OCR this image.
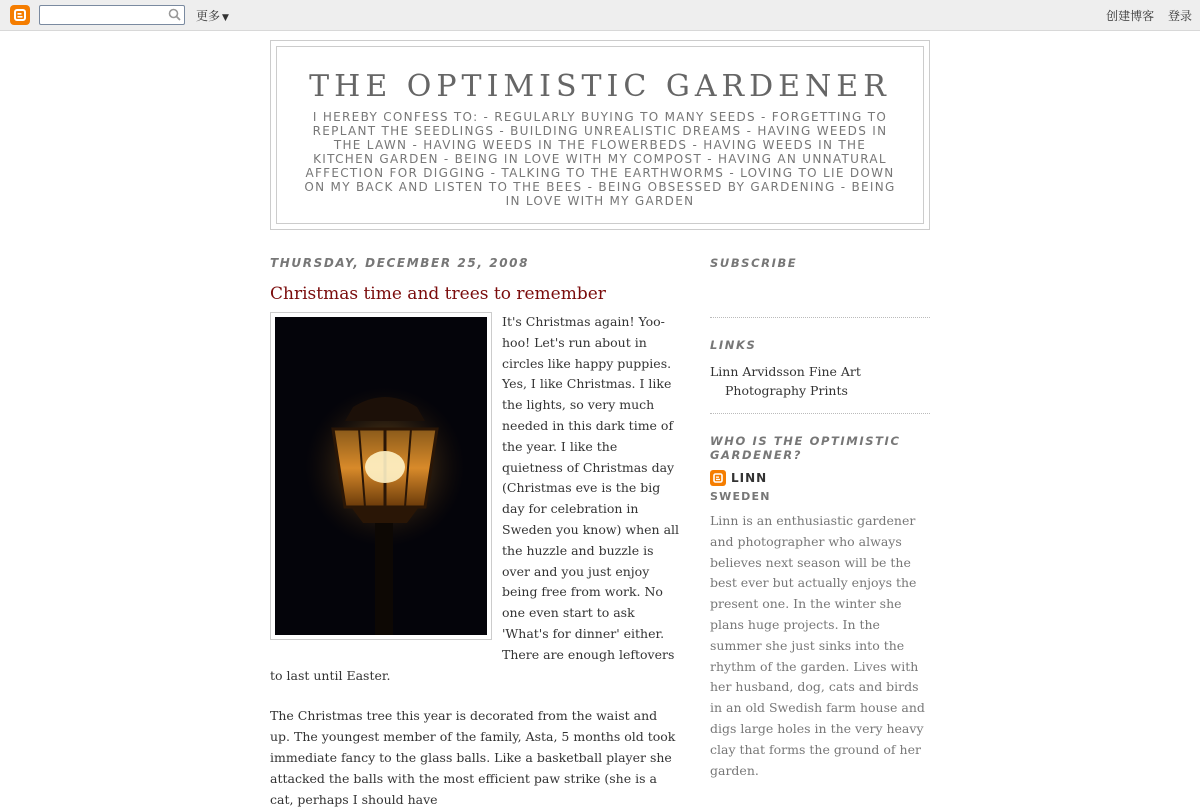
更多 ▼	创建博客 登录
THE OPTIMISTIC GARDENER
I HEREBY CONFESS TO: - REGULARLY BUYING TO MANY SEEDS - FORGETTING TO REPLANT THE SEEDLINGS - BUILDING UNREALISTIC DREAMS - HAVING WEEDS IN THE LAWN - HAVING WEEDS IN THE FLOWERBEDS - HAVING WEEDS IN THE KITCHEN GARDEN - BEING IN LOVE WITH MY COMPOST - HAVING AN UNNATURAL AFFECTION FOR DIGGING - TALKING TO THE EARTHWORMS - LOVING TO LIE DOWN ON MY BACK AND LISTEN TO THE BEES - BEING OBSESSED BY GARDENING - BEING IN LOVE WITH MY GARDEN
THURSDAY, DECEMBER 25, 2008
Christmas time and trees to remember

It's Christmas again! Yoo-hoo! Let's run about in circles like happy puppies.

Yes, I like Christmas. I like the lights, so very much needed in this dark time of the year. I like the quietness of Christmas day (Christmas eve is the big day for celebration in Sweden you know) when all the huzzle and buzzle is over and you just enjoy being free from work. No one even start to ask 'What's for dinner' either. There are enough leftovers to last until Easter.

The Christmas tree this year is decorated from the waist and up. The youngest member of the family, Asta, 5 months old took immediate fancy to the glass balls. Like a basketball player she attacked the balls with the most efficient paw strike (she is a cat, perhaps I should have

SUBSCRIBE
LINKS
Linn Arvidsson Fine Art Photography Prints
WHO IS THE OPTIMISTIC GARDENER?
LINN
SWEDEN
Linn is an enthusiastic gardener and photographer who always believes next season will be the best ever but actually enjoys the present one. In the winter she plans huge projects. In the summer she just sinks into the rhythm of the garden. Lives with her husband, dog, cats and birds in an old Swedish farm house and digs large holes in the very heavy clay that forms the ground of her garden.
